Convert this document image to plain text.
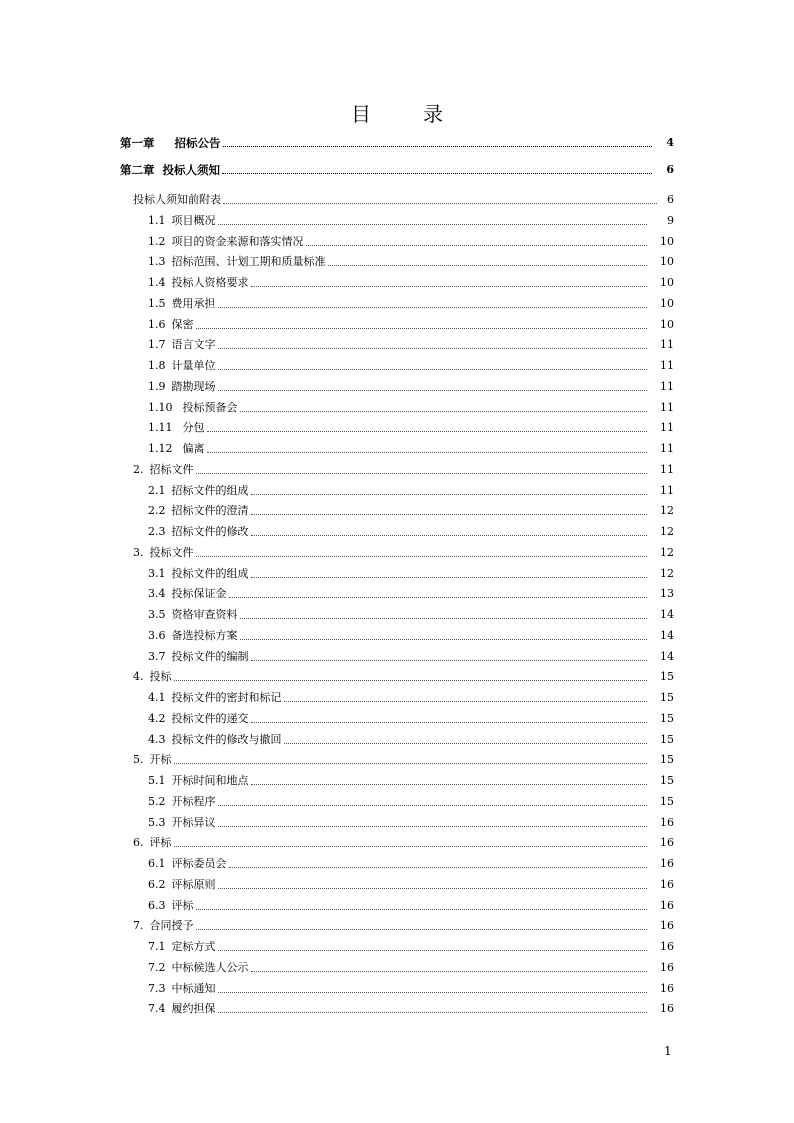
目	录
第一章 招标公告	4
第二章 投标人须知	6
投标人须知前附表	6
1.1 项目概况	9
1.2 项目的资金来源和落实情况	10
1.3 招标范围、计划工期和质量标准	10
1.4 投标人资格要求	10
1.5 费用承担	10
1.6 保密	10
1.7 语言文字	11
1.8 计量单位	11
1.9 踏勘现场	11
1.10 投标预备会	11
1.11 分包	11
1.12 偏离	11
2. 招标文件	11
2.1 招标文件的组成	11
2.2 招标文件的澄清	12
2.3 招标文件的修改	12
3. 投标文件	12
3.1 投标文件的组成	12
3.4 投标保证金	13
3.5 资格审查资料	14
3.6 备选投标方案	14
3.7 投标文件的编制	14
4. 投标	15
4.1 投标文件的密封和标记	15
4.2 投标文件的递交	15
4.3 投标文件的修改与撤回	15
5. 开标	15
5.1 开标时间和地点	15
5.2 开标程序	15
5.3 开标异议	16
6. 评标	16
6.1 评标委员会	16
6.2 评标原则	16
6.3 评标	16
7. 合同授予	16
7.1 定标方式	16
7.2 中标候选人公示	16
7.3 中标通知	16
7.4 履约担保	16
1
